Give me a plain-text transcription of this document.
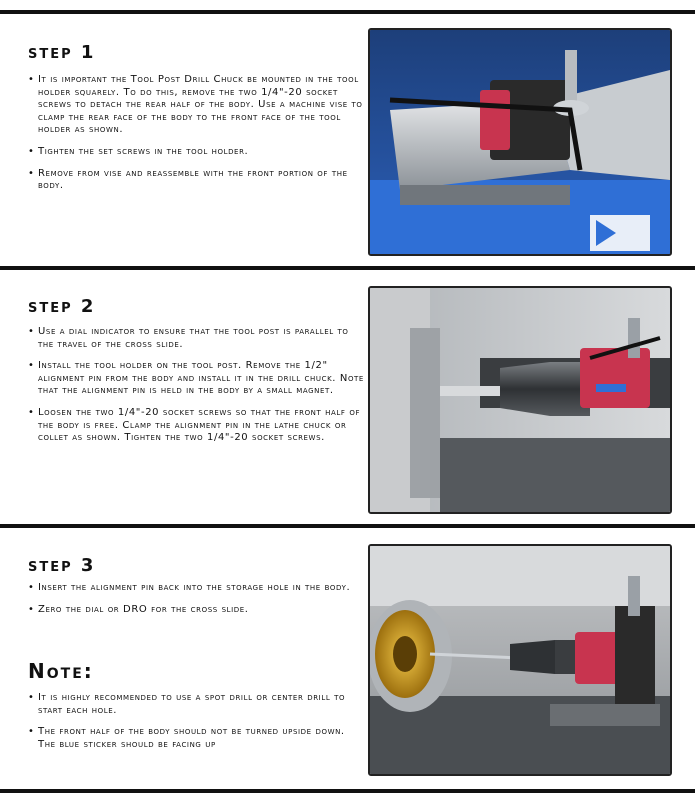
step 1
• It is important the Tool Post Drill Chuck be mounted in the tool holder squarely. To do this, remove the two 1/4"-20 socket screws to detach the rear half of the body. Use a machine vise to clamp the rear face of the body to the front face of the tool holder as shown.
• Tighten the set screws in the tool holder.
• Remove from vise and reassemble with the front portion of the body.
step 2
• Use a dial indicator to ensure that the tool post is parallel to the travel of the cross slide.
• Install the tool holder on the tool post. Remove the 1/2" alignment pin from the body and install it in the drill chuck. Note that the alignment pin is held in the body by a small magnet.
• Loosen the two 1/4"-20 socket screws so that the front half of the body is free. Clamp the alignment pin in the lathe chuck or collet as shown. Tighten the two 1/4"-20 socket screws.
step 3
• Insert the alignment pin back into the storage hole in the body.
• Zero the dial or DRO for the cross slide.
Note:
• It is highly recommended to use a spot drill or center drill to start each hole.
• The front half of the body should not be turned upside down. The blue sticker should be facing up
